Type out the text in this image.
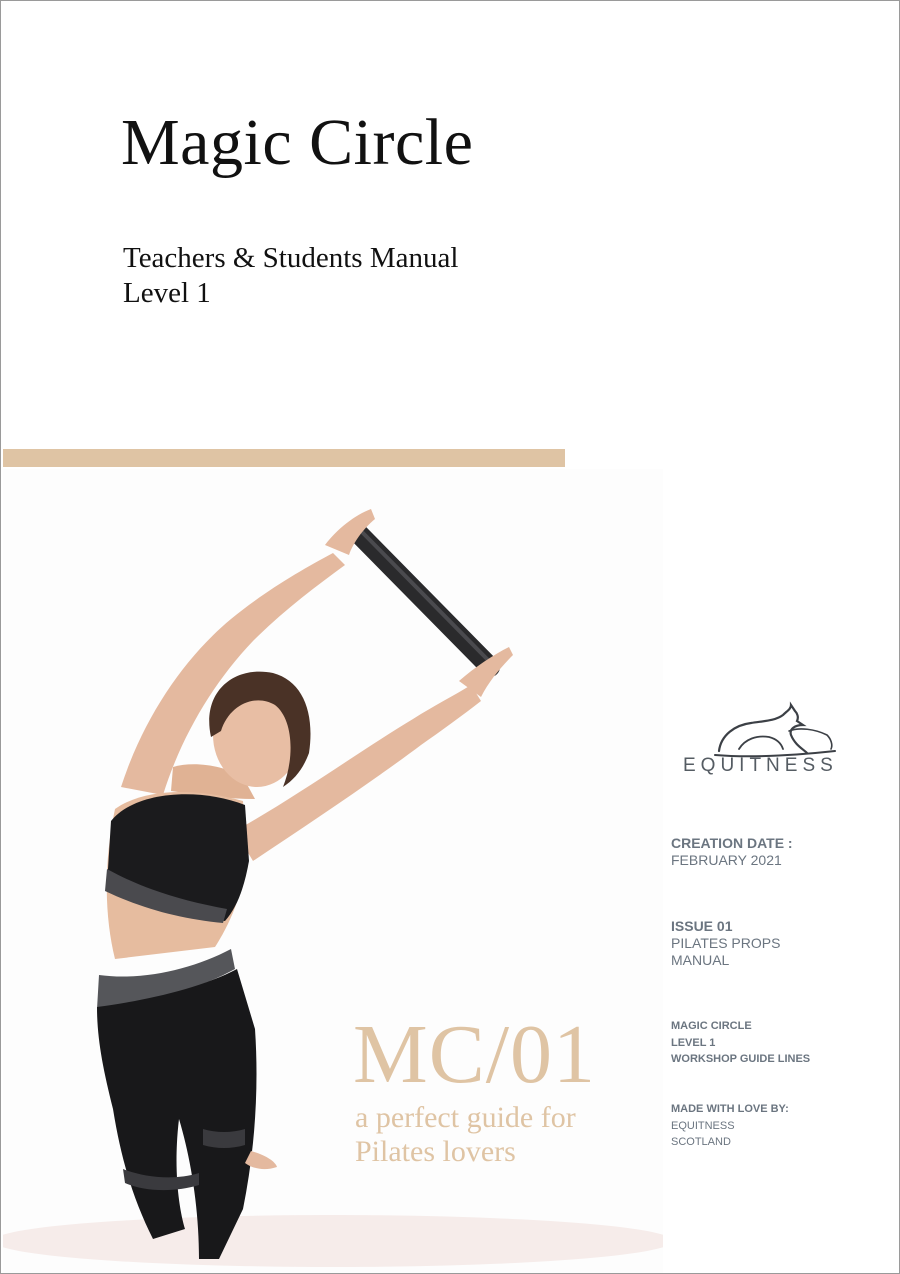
Magic Circle
Teachers & Students Manual
Level 1
MC/01
a perfect guide for
Pilates lovers
EQUITNESS
CREATION DATE :
FEBRUARY 2021
ISSUE 01
PILATES PROPS
MANUAL
MAGIC CIRCLE
LEVEL 1
WORKSHOP GUIDE LINES
MADE WITH LOVE BY:
EQUITNESS
SCOTLAND
